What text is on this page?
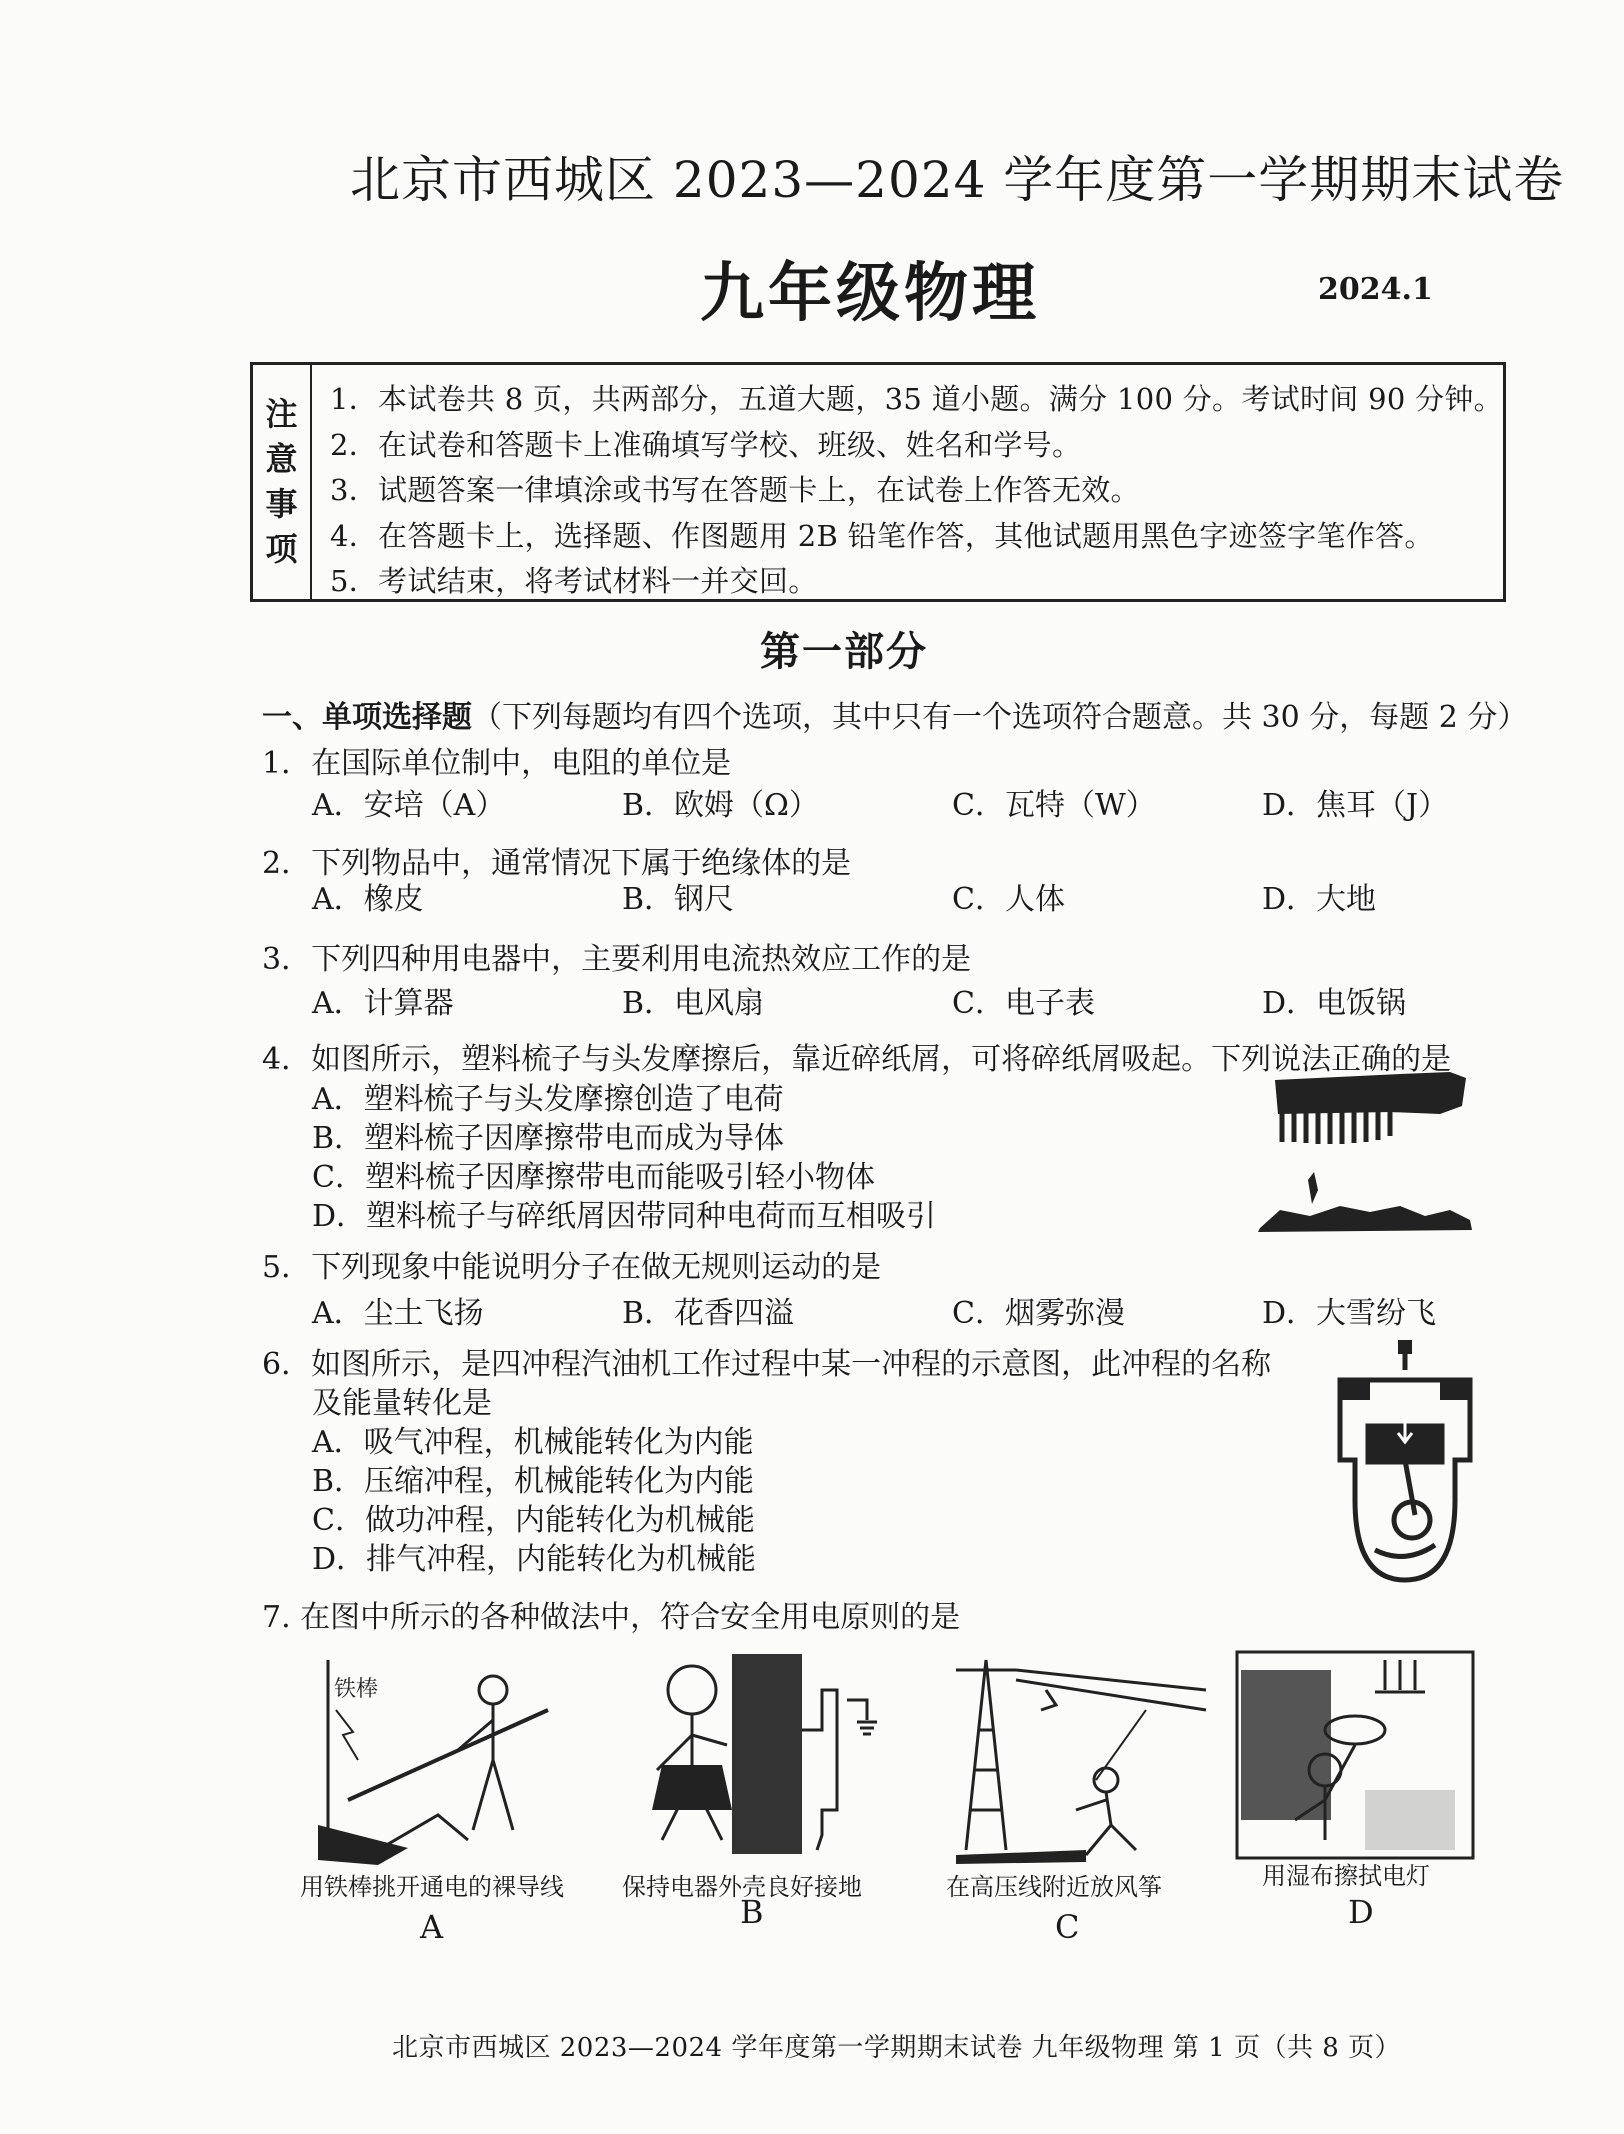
北京市西城区 2023—2024 学年度第一学期期末试卷
九年级物理	2024.1
注
意
事
项
1．本试卷共 8 页，共两部分，五道大题，35 道小题。满分 100 分。考试时间 90 分钟。
2．在试卷和答题卡上准确填写学校、班级、姓名和学号。
3．试题答案一律填涂或书写在答题卡上，在试卷上作答无效。
4．在答题卡上，选择题、作图题用 2B 铅笔作答，其他试题用黑色字迹签字笔作答。
5．考试结束，将考试材料一并交回。
第一部分
一、单项选择题（下列每题均有四个选项，其中只有一个选项符合题意。共 30 分，每题 2 分）
1．在国际单位制中，电阻的单位是
A．安培（A）	B．欧姆（Ω）	C．瓦特（W）	D．焦耳（J）
2．下列物品中，通常情况下属于绝缘体的是
A．橡皮	B．钢尺	C．人体	D．大地
3．下列四种用电器中，主要利用电流热效应工作的是
A．计算器	B．电风扇	C．电子表	D．电饭锅
4．如图所示，塑料梳子与头发摩擦后，靠近碎纸屑，可将碎纸屑吸起。下列说法正确的是
A．塑料梳子与头发摩擦创造了电荷
B．塑料梳子因摩擦带电而成为导体
C．塑料梳子因摩擦带电而能吸引轻小物体
D．塑料梳子与碎纸屑因带同种电荷而互相吸引
5．下列现象中能说明分子在做无规则运动的是
A．尘土飞扬	B．花香四溢	C．烟雾弥漫	D．大雪纷飞
6．如图所示，是四冲程汽油机工作过程中某一冲程的示意图，此冲程的名称
及能量转化是
A．吸气冲程，机械能转化为内能
B．压缩冲程，机械能转化为内能
C．做功冲程，内能转化为机械能
D．排气冲程，内能转化为机械能
7. 在图中所示的各种做法中，符合安全用电原则的是
铁棒
用铁棒挑开通电的裸导线
A
保持电器外壳良好接地
B
在高压线附近放风筝
C
用湿布擦拭电灯
D
北京市西城区 2023—2024 学年度第一学期期末试卷 九年级物理 第 1 页（共 8 页）
